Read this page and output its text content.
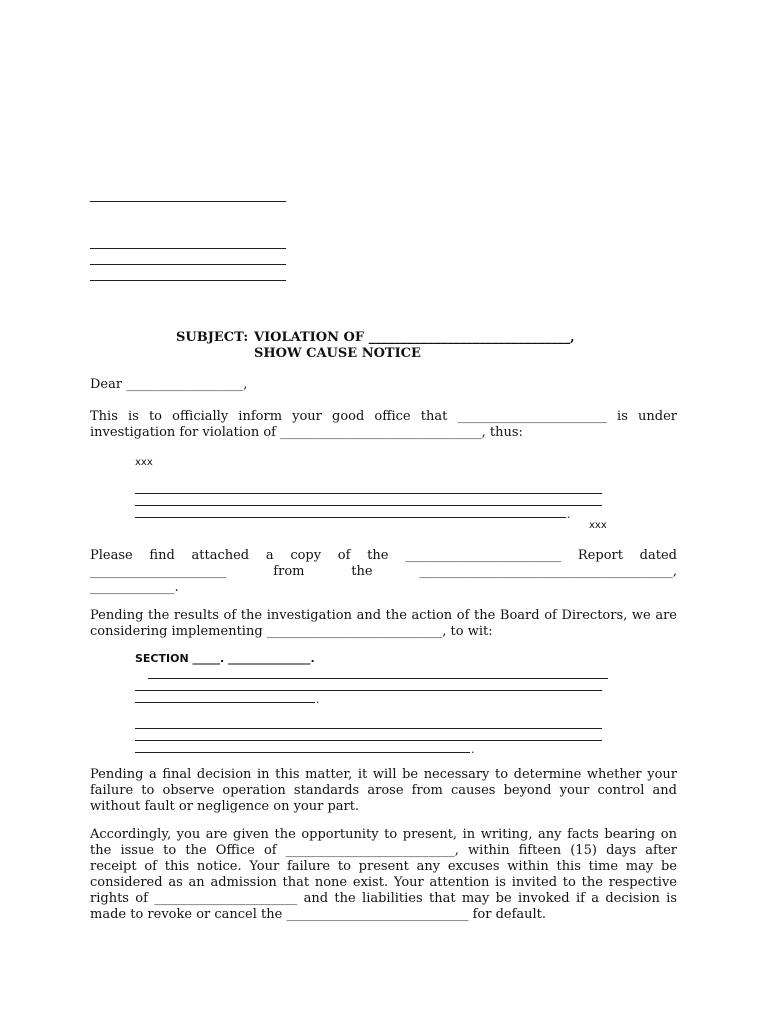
SUBJECT: VIOLATION OF _______________________________,
SHOW CAUSE NOTICE
Dear __________________,
This is to officially inform your good office that _______________________ is under
investigation for violation of _______________________________, thus:
xxx
.
xxx
Please find attached a copy of the ________________________ Report dated
_____________________ from the _______________________________________,
_____________.
Pending the results of the investigation and the action of the Board of Directors, we are
considering implementing ___________________________, to wit:
SECTION _____. _______________.
.
.
Pending a final decision in this matter, it will be necessary to determine whether your
failure to observe operation standards arose from causes beyond your control and
without fault or negligence on your part.
Accordingly, you are given the opportunity to present, in writing, any facts bearing on
the issue to the Office of __________________________, within fifteen (15) days after
receipt of this notice. Your failure to present any excuses within this time may be
considered as an admission that none exist. Your attention is invited to the respective
rights of ______________________ and the liabilities that may be invoked if a decision is
made to revoke or cancel the ____________________________ for default.
